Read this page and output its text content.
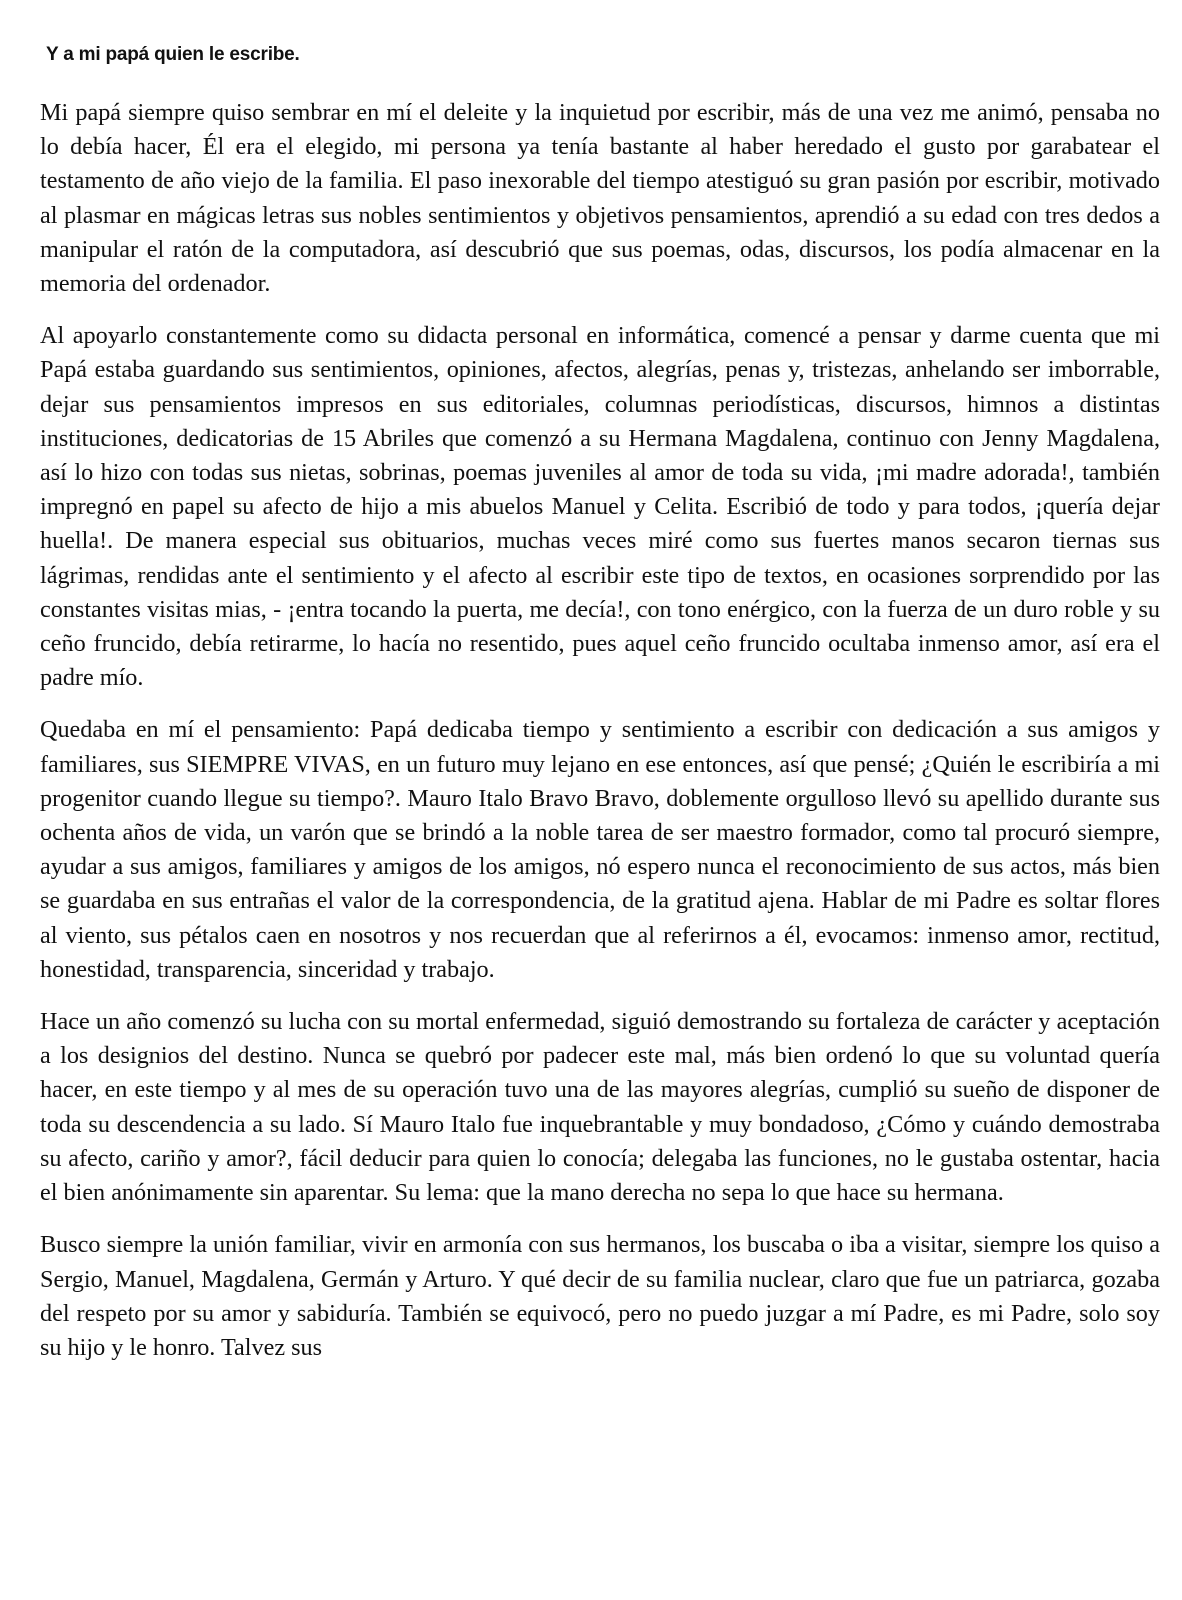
Y a mi papá quien le escribe.

Mi papá siempre quiso sembrar en mí el deleite y la inquietud por escribir, más de una vez me animó, pensaba no lo debía hacer, Él era el elegido, mi persona ya tenía bastante al haber heredado el gusto por garabatear el testamento de año viejo de la familia. El paso inexorable del tiempo atestiguó su gran pasión por escribir, motivado al plasmar en mágicas letras sus nobles sentimientos y objetivos pensamientos, aprendió a su edad con tres dedos a manipular el ratón de la computadora, así descubrió que sus poemas, odas, discursos, los podía almacenar en la memoria del ordenador.

Al apoyarlo constantemente como su didacta personal en informática, comencé a pensar y darme cuenta que mi Papá estaba guardando sus sentimientos, opiniones, afectos, alegrías, penas y, tristezas, anhelando ser imborrable, dejar sus pensamientos impresos en sus editoriales, columnas periodísticas, discursos, himnos a distintas instituciones, dedicatorias de 15 Abriles que comenzó a su Hermana Magdalena, continuo con Jenny Magdalena, así lo hizo con todas sus nietas, sobrinas, poemas juveniles al amor de toda su vida, ¡mi madre adorada!, también impregnó en papel su afecto de hijo a mis abuelos Manuel y Celita. Escribió de todo y para todos, ¡quería dejar huella!. De manera especial sus obituarios, muchas veces miré como sus fuertes manos secaron tiernas sus lágrimas, rendidas ante el sentimiento y el afecto al escribir este tipo de textos, en ocasiones sorprendido por las constantes visitas mias, - ¡entra tocando la puerta, me decía!, con tono enérgico, con la fuerza de un duro roble y su ceño fruncido, debía retirarme, lo hacía no resentido, pues aquel ceño fruncido ocultaba inmenso amor, así era el padre mío.

Quedaba en mí el pensamiento: Papá dedicaba tiempo y sentimiento a escribir con dedicación a sus amigos y familiares, sus SIEMPRE VIVAS, en un futuro muy lejano en ese entonces, así que pensé; ¿Quién le escribiría a mi progenitor cuando llegue su tiempo?. Mauro Italo Bravo Bravo, doblemente orgulloso llevó su apellido durante sus ochenta años de vida, un varón que se brindó a la noble tarea de ser maestro formador, como tal procuró siempre, ayudar a sus amigos, familiares y amigos de los amigos, nó espero nunca el reconocimiento de sus actos, más bien se guardaba en sus entrañas el valor de la correspondencia, de la gratitud ajena. Hablar de mi Padre es soltar flores al viento, sus pétalos caen en nosotros y nos recuerdan que al referirnos a él, evocamos: inmenso amor, rectitud, honestidad, transparencia, sinceridad y trabajo.

Hace un año comenzó su lucha con su mortal enfermedad, siguió demostrando su fortaleza de carácter y aceptación a los designios del destino. Nunca se quebró por padecer este mal, más bien ordenó lo que su voluntad quería hacer, en este tiempo y al mes de su operación tuvo una de las mayores alegrías, cumplió su sueño de disponer de toda su descendencia a su lado. Sí Mauro Italo fue inquebrantable y muy bondadoso, ¿Cómo y cuándo demostraba su afecto, cariño y amor?, fácil deducir para quien lo conocía; delegaba las funciones, no le gustaba ostentar, hacia el bien anónimamente sin aparentar. Su lema: que la mano derecha no sepa lo que hace su hermana.

Busco siempre la unión familiar, vivir en armonía con sus hermanos, los buscaba o iba a visitar, siempre los quiso a Sergio, Manuel, Magdalena, Germán y Arturo. Y qué decir de su familia nuclear, claro que fue un patriarca, gozaba del respeto por su amor y sabiduría. También se equivocó, pero no puedo juzgar a mí Padre, es mi Padre, solo soy su hijo y le honro. Talvez sus
